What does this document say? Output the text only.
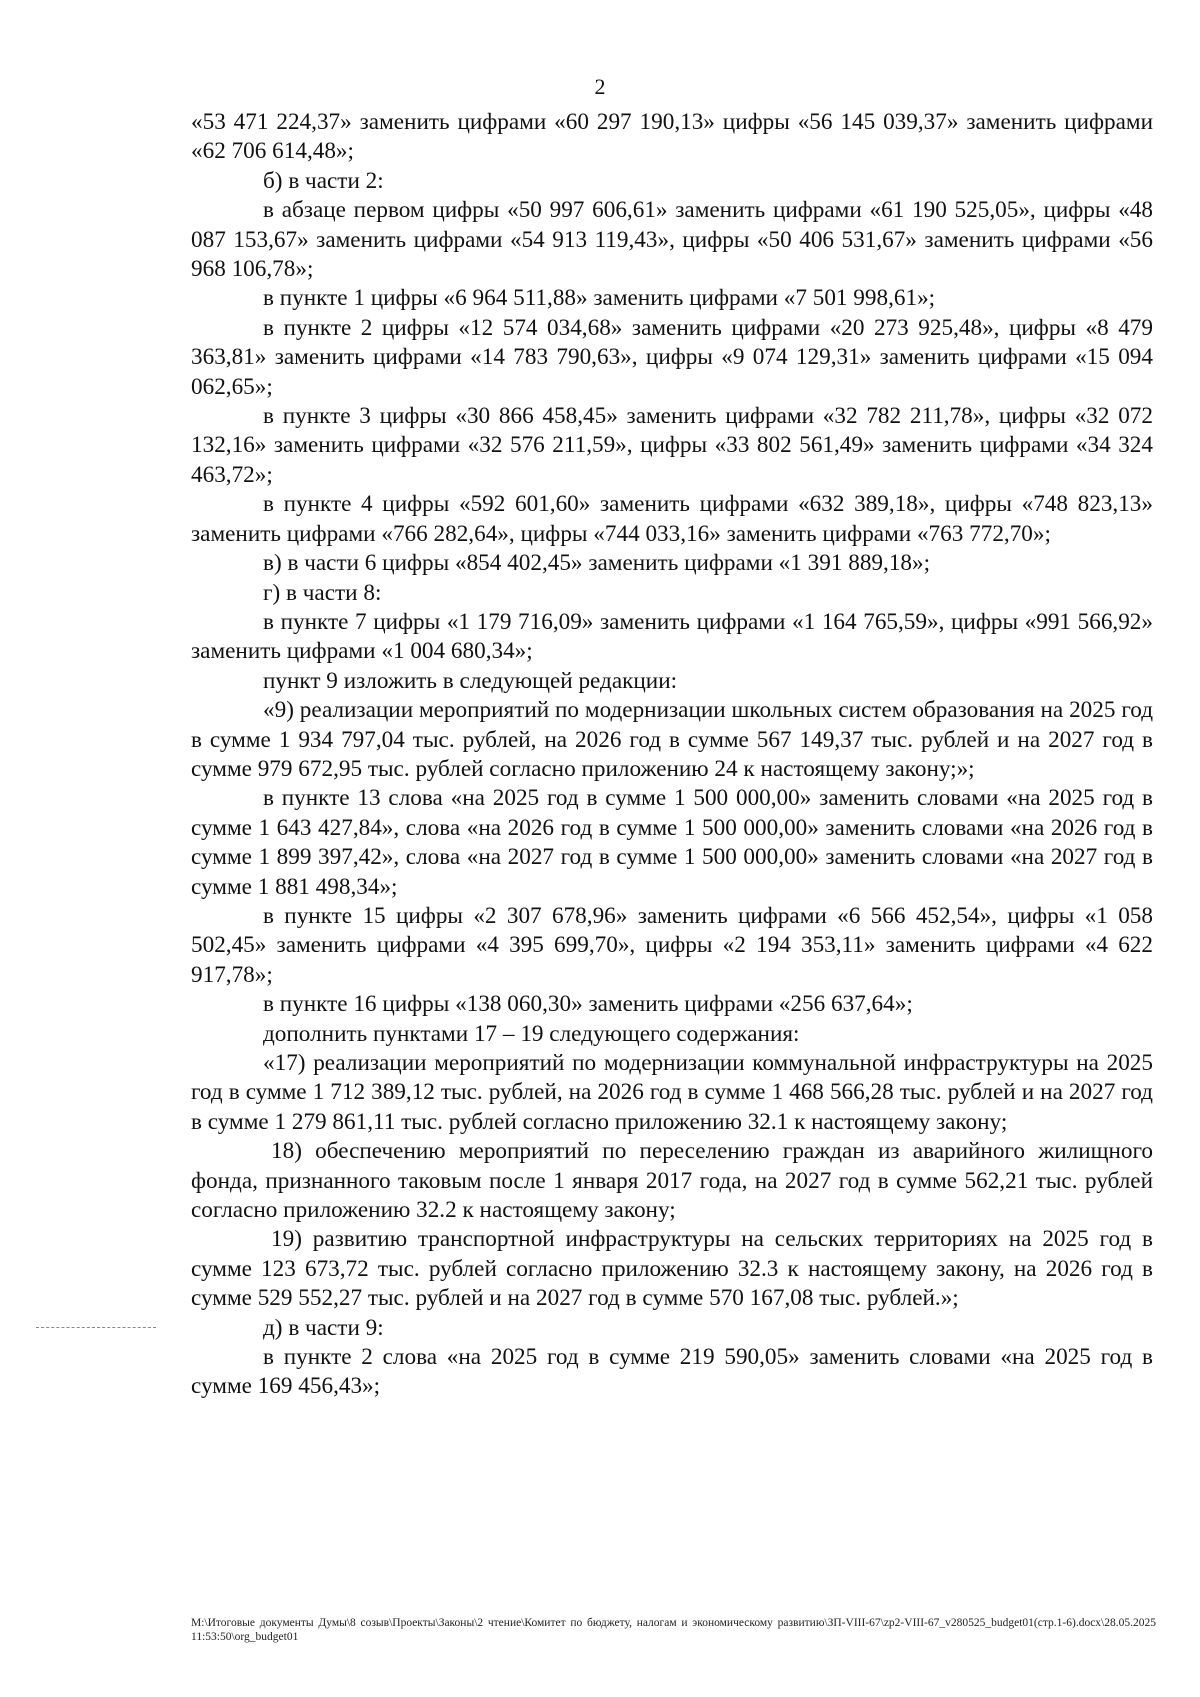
2

«53 471 224,37» заменить цифрами «60 297 190,13» цифры «56 145 039,37» заменить цифрами «62 706 614,48»;

б) в части 2:

в абзаце первом цифры «50 997 606,61» заменить цифрами «61 190 525,05», цифры «48 087 153,67» заменить цифрами «54 913 119,43», цифры «50 406 531,67» заменить цифрами «56 968 106,78»;

в пункте 1 цифры «6 964 511,88» заменить цифрами «7 501 998,61»;

в пункте 2 цифры «12 574 034,68» заменить цифрами «20 273 925,48», цифры «8 479 363,81» заменить цифрами «14 783 790,63», цифры «9 074 129,31» заменить цифрами «15 094 062,65»;

в пункте 3 цифры «30 866 458,45» заменить цифрами «32 782 211,78», цифры «32 072 132,16» заменить цифрами «32 576 211,59», цифры «33 802 561,49» заменить цифрами «34 324 463,72»;

в пункте 4 цифры «592 601,60» заменить цифрами «632 389,18», цифры «748 823,13» заменить цифрами «766 282,64», цифры «744 033,16» заменить цифрами «763 772,70»;

в) в части 6 цифры «854 402,45» заменить цифрами «1 391 889,18»;

г) в части 8:

в пункте 7 цифры «1 179 716,09» заменить цифрами «1 164 765,59», цифры «991 566,92» заменить цифрами «1 004 680,34»;

пункт 9 изложить в следующей редакции:

«9) реализации мероприятий по модернизации школьных систем образования на 2025 год в сумме 1 934 797,04 тыс. рублей, на 2026 год в сумме 567 149,37 тыс. рублей и на 2027 год в сумме 979 672,95 тыс. рублей согласно приложению 24 к настоящему закону;»;

в пункте 13 слова «на 2025 год в сумме 1 500 000,00» заменить словами «на 2025 год в сумме 1 643 427,84», слова «на 2026 год в сумме 1 500 000,00» заменить словами «на 2026 год в сумме 1 899 397,42», слова «на 2027 год в сумме 1 500 000,00» заменить словами «на 2027 год в сумме 1 881 498,34»;

в пункте 15 цифры «2 307 678,96» заменить цифрами «6 566 452,54», цифры «1 058 502,45» заменить цифрами «4 395 699,70», цифры «2 194 353,11» заменить цифрами «4 622 917,78»;

в пункте 16 цифры «138 060,30» заменить цифрами «256 637,64»;

дополнить пунктами 17 – 19 следующего содержания:

«17) реализации мероприятий по модернизации коммунальной инфраструктуры на 2025 год в сумме 1 712 389,12 тыс. рублей, на 2026 год в сумме 1 468 566,28 тыс. рублей и на 2027 год в сумме 1 279 861,11 тыс. рублей согласно приложению 32.1 к настоящему закону;

18) обеспечению мероприятий по переселению граждан из аварийного жилищного фонда, признанного таковым после 1 января 2017 года, на 2027 год в сумме 562,21 тыс. рублей согласно приложению 32.2 к настоящему закону;

19) развитию транспортной инфраструктуры на сельских территориях на 2025 год в сумме 123 673,72 тыс. рублей согласно приложению 32.3 к настоящему закону, на 2026 год в сумме 529 552,27 тыс. рублей и на 2027 год в сумме 570 167,08 тыс. рублей.»;

д) в части 9:

в пункте 2 слова «на 2025 год в сумме 219 590,05» заменить словами «на 2025 год в сумме 169 456,43»;

M:\Итоговые документы Думы\8 созыв\Проекты\Законы\2 чтение\Комитет по бюджету, налогам и экономическому развитию\ЗП-VIII-67\zp2-VIII-67_v280525_budget01(стр.1-6).docx\28.05.2025 11:53:50\org_budget01
